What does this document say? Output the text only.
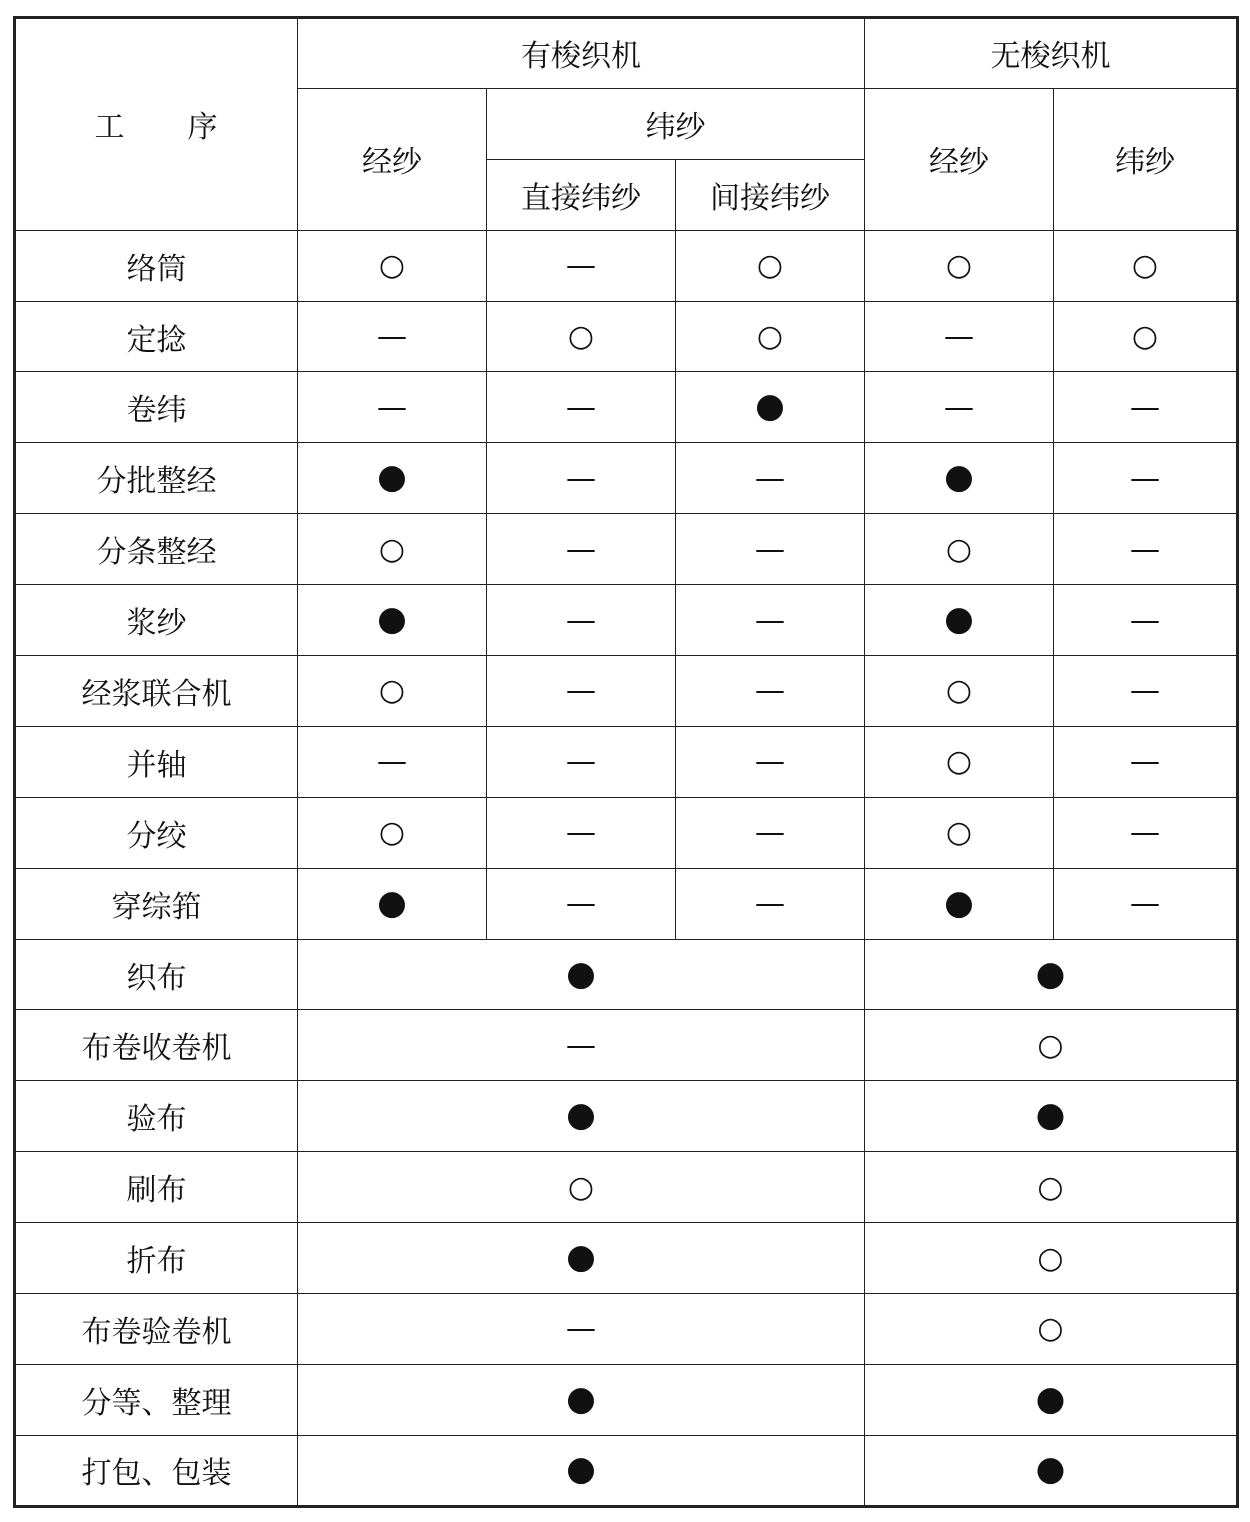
工　　序	有梭织机			无梭织机	
	经纱	纬纱		经纱	纬纱
		直接纬纱	间接纬纱		
络筒	○	—	○	○	○
定捻	—	○	○	—	○
卷纬	—	—	●	—	—
分批整经	●	—	—	●	—
分条整经	○	—	—	○	—
浆纱	●	—	—	●	—
经浆联合机	○	—	—	○	—
并轴	—	—	—	○	—
分绞	○	—	—	○	—
穿综筘	●	—	—	●	—
织布	●			●	
布卷收卷机	—			○	
验布	●			●	
刷布	○			○	
折布	●			○	
布卷验卷机	—			○	
分等、整理	●			●	
打包、包装	●			●	
